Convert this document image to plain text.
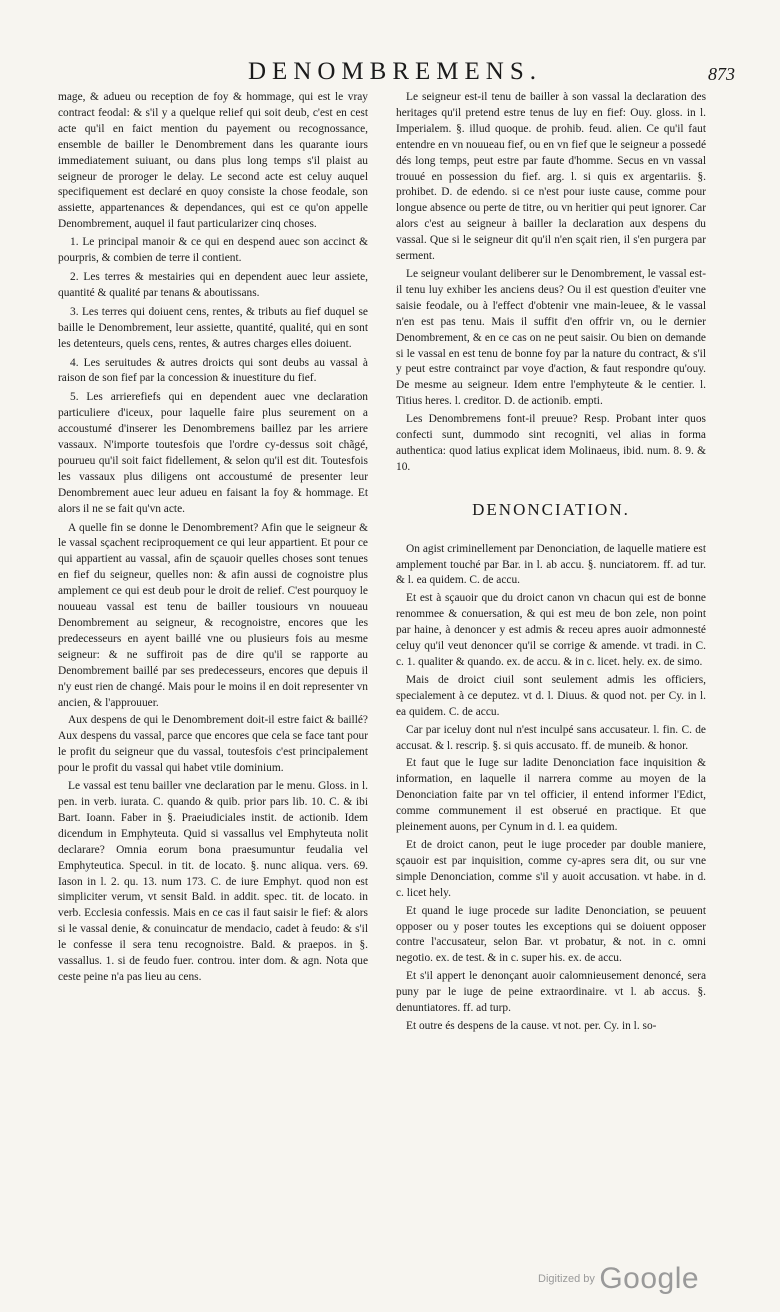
DENOMBREMENS.	873

mage, & adueu ou reception de foy & hommage, qui est le vray contract feodal: & s'il y a quelque relief qui soit deub, c'est en cest acte qu'il en faict mention du payement ou recognossance, ensemble de bailler le Denombrement dans les quarante iours immediatement suiuant, ou dans plus long temps s'il plaist au seigneur de proroger le delay. Le second acte est celuy auquel specifiquement est declaré en quoy consiste la chose feodale, son assiette, appartenances & dependances, qui est ce qu'on appelle Denombrement, auquel il faut particularizer cinq choses.

1. Le principal manoir & ce qui en despend auec son accinct & pourpris, & combien de terre il contient.

2. Les terres & mestairies qui en dependent auec leur assiete, quantité & qualité par tenans & aboutissans.

3. Les terres qui doiuent cens, rentes, & tributs au fief duquel se baille le Denombrement, leur assiette, quantité, qualité, qui en sont les detenteurs, quels cens, rentes, & autres charges elles doiuent.

4. Les seruitudes & autres droicts qui sont deubs au vassal à raison de son fief par la concession & inuestiture du fief.

5. Les arrierefiefs qui en dependent auec vne declaration particuliere d'iceux, pour laquelle faire plus seurement on a accoustumé d'inserer les Denombremens baillez par les arriere vassaux. N'importe toutesfois que l'ordre cy-dessus soit chãgé, pourueu qu'il soit faict fidellement, & selon qu'il est dit. Toutesfois les vassaux plus diligens ont accoustumé de presenter leur Denombrement auec leur adueu en faisant la foy & hommage. Et alors il ne se fait qu'vn acte.

A quelle fin se donne le Denombrement? Afin que le seigneur & le vassal sçachent reciproquement ce qui leur appartient. Et pour ce qui appartient au vassal, afin de sçauoir quelles choses sont tenues en fief du seigneur, quelles non: & afin aussi de cognoistre plus amplement ce qui est deub pour le droit de relief. C'est pourquoy le nouueau vassal est tenu de bailler tousiours vn nouueau Denombrement au seigneur, & recognoistre, encores que les predecesseurs en ayent baillé vne ou plusieurs fois au mesme seigneur: & ne suffiroit pas de dire qu'il se rapporte au Denombrement baillé par ses predecesseurs, encores que depuis il n'y eust rien de changé. Mais pour le moins il en doit representer vn ancien, & l'approuuer.

Aux despens de qui le Denombrement doit-il estre faict & baillé? Aux despens du vassal, parce que encores que cela se face tant pour le profit du seigneur que du vassal, toutesfois c'est principalement pour le profit du vassal qui habet vtile dominium.

Le vassal est tenu bailler vne declaration par le menu. Gloss. in l. pen. in verb. iurata. C. quando & quib. prior pars lib. 10. C. & ibi Bart. Ioann. Faber in §. Praeiudiciales instit. de actionib. Idem dicendum in Emphyteuta. Quid si vassallus vel Emphyteuta nolit declarare? Omnia eorum bona praesumuntur feudalia vel Emphyteutica. Specul. in tit. de locato. §. nunc aliqua. vers. 69. Iason in l. 2. qu. 13. num 173. C. de iure Emphyt. quod non est simpliciter verum, vt sensit Bald. in addit. spec. tit. de locato. in verb. Ecclesia confessis. Mais en ce cas il faut saisir le fief: & alors si le vassal denie, & conuincatur de mendacio, cadet à feudo: & s'il le confesse il sera tenu recognoistre. Bald. & praepos. in §. vassallus. 1. si de feudo fuer. controu. inter dom. & agn. Nota que ceste peine n'a pas lieu au cens.

Le seigneur est-il tenu de bailler à son vassal la declaration des heritages qu'il pretend estre tenus de luy en fief: Ouy. gloss. in l. Imperialem. §. illud quoque. de prohib. feud. alien. Ce qu'il faut entendre en vn nouueau fief, ou en vn fief que le seigneur a possedé dés long temps, peut estre par faute d'homme. Secus en vn vassal trouué en possession du fief. arg. l. si quis ex argentariis. §. prohibet. D. de edendo. si ce n'est pour iuste cause, comme pour longue absence ou perte de titre, ou vn heritier qui peut ignorer. Car alors c'est au seigneur à bailler la declaration aux despens du vassal. Que si le seigneur dit qu'il n'en sçait rien, il s'en purgera par serment.

Le seigneur voulant deliberer sur le Denombrement, le vassal est-il tenu luy exhiber les anciens deus? Ou il est question d'euiter vne saisie feodale, ou à l'effect d'obtenir vne main-leuee, & le vassal n'en est pas tenu. Mais il suffit d'en offrir vn, ou le dernier Denombrement, & en ce cas on ne peut saisir. Ou bien on demande si le vassal en est tenu de bonne foy par la nature du contract, & s'il y peut estre contrainct par voye d'action, & faut respondre qu'ouy. De mesme au seigneur. Idem entre l'emphyteute & le centier. l. Titius heres. l. creditor. D. de actionib. empti.

Les Denombremens font-il preuue? Resp. Probant inter quos confecti sunt, dummodo sint recogniti, vel alias in forma authentica: quod latius explicat idem Molinaeus, ibid. num. 8. 9. & 10.

DENONCIATION.

On agist criminellement par Denonciation, de laquelle matiere est amplement touché par Bar. in l. ab accu. §. nunciatorem. ff. ad tur. & l. ea quidem. C. de accu.

Et est à sçauoir que du droict canon vn chacun qui est de bonne renommee & conuersation, & qui est meu de bon zele, non point par haine, à denoncer y est admis & receu apres auoir admonnesté celuy qu'il veut denoncer qu'il se corrige & amende. vt tradi. in C. c. 1. qualiter & quando. ex. de accu. & in c. licet. hely. ex. de simo.

Mais de droict ciuil sont seulement admis les officiers, specialement à ce deputez. vt d. l. Diuus. & quod not. per Cy. in l. ea quidem. C. de accu.

Car par iceluy dont nul n'est inculpé sans accusateur. l. fin. C. de accusat. & l. rescrip. §. si quis accusato. ff. de muneib. & honor.

Et faut que le Iuge sur ladite Denonciation face inquisition & information, en laquelle il narrera comme au moyen de la Denonciation faite par vn tel officier, il entend informer l'Edict, comme communement il est obserué en practique. Et que pleinement auons, per Cynum in d. l. ea quidem.

Et de droict canon, peut le iuge proceder par double maniere, sçauoir est par inquisition, comme cy-apres sera dit, ou sur vne simple Denonciation, comme s'il y auoit accusation. vt habe. in d. c. licet hely.

Et quand le iuge procede sur ladite Denonciation, se peuuent opposer ou y poser toutes les exceptions qui se doiuent opposer contre l'accusateur, selon Bar. vt probatur, & not. in c. omni negotio. ex. de test. & in c. super his. ex. de accu.

Et s'il appert le denonçant auoir calomnieusement denoncé, sera puny par le iuge de peine extraordinaire. vt l. ab accus. §. denuntiatores. ff. ad turp.

Et outre és despens de la cause. vt not. per. Cy. in l. so-

Digitized by Google
